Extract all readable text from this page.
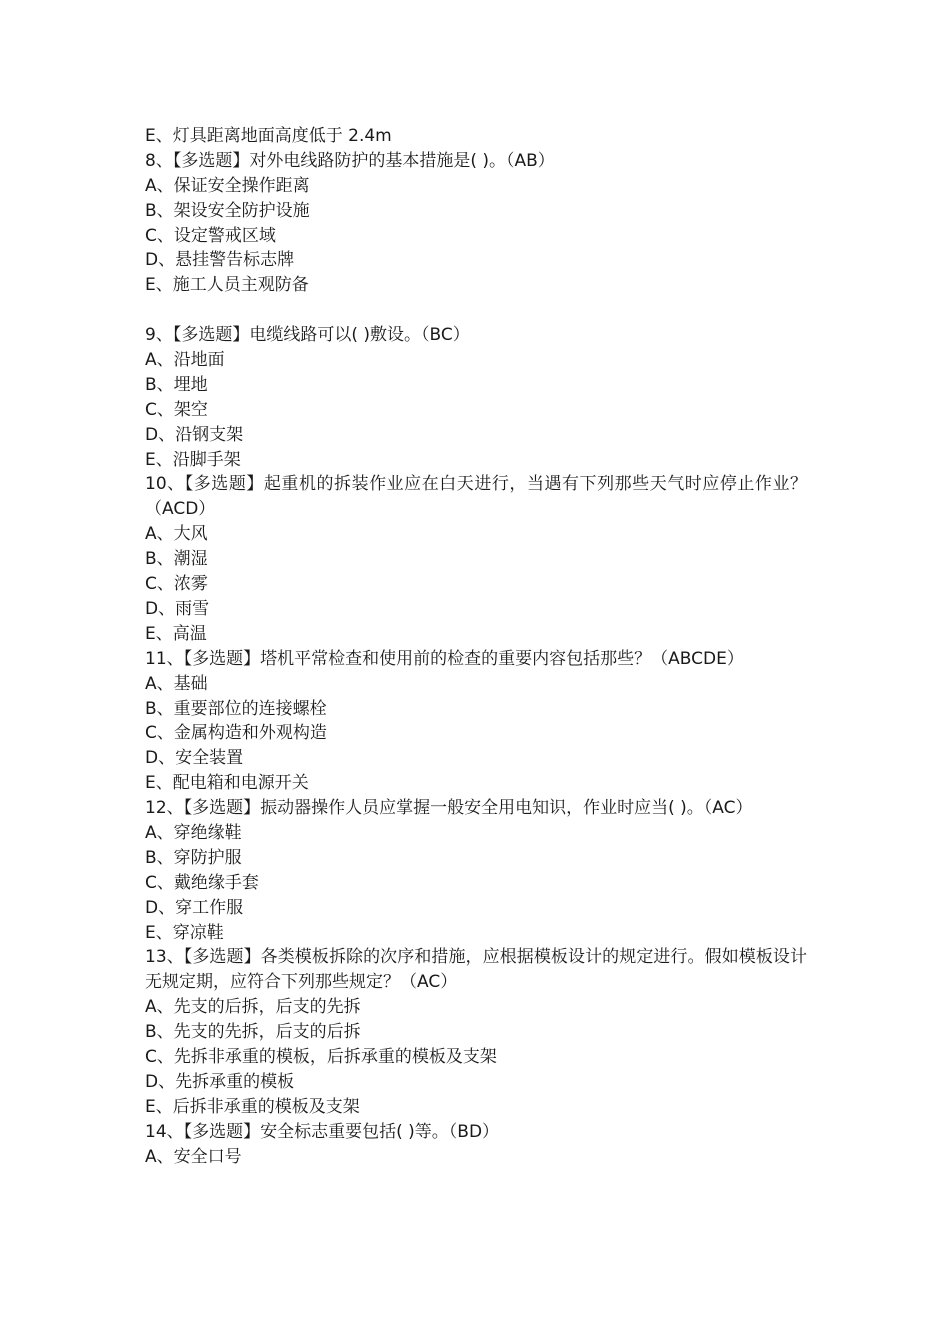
E、灯具距离地面高度低于 2.4m
8、【多选题】对外电线路防护的基本措施是( )。（AB）
A、保证安全操作距离
B、架设安全防护设施
C、设定警戒区域
D、悬挂警告标志牌
E、施工人员主观防备
9、【多选题】电缆线路可以( )敷设。（BC）
A、沿地面
B、埋地
C、架空
D、沿钢支架
E、沿脚手架
10、【多选题】起重机的拆装作业应在白天进行，当遇有下列那些天气时应停止作业？（ACD）
A、大风
B、潮湿
C、浓雾
D、雨雪
E、高温
11、【多选题】塔机平常检查和使用前的检查的重要内容包括那些？（ABCDE）
A、基础
B、重要部位的连接螺栓
C、金属构造和外观构造
D、安全装置
E、配电箱和电源开关
12、【多选题】振动器操作人员应掌握一般安全用电知识，作业时应当( )。（AC）
A、穿绝缘鞋
B、穿防护服
C、戴绝缘手套
D、穿工作服
E、穿凉鞋
13、【多选题】各类模板拆除的次序和措施，应根据模板设计的规定进行。假如模板设计无规定期，应符合下列那些规定？（AC）
A、先支的后拆，后支的先拆
B、先支的先拆，后支的后拆
C、先拆非承重的模板，后拆承重的模板及支架
D、先拆承重的模板
E、后拆非承重的模板及支架
14、【多选题】安全标志重要包括( )等。（BD）
A、安全口号
